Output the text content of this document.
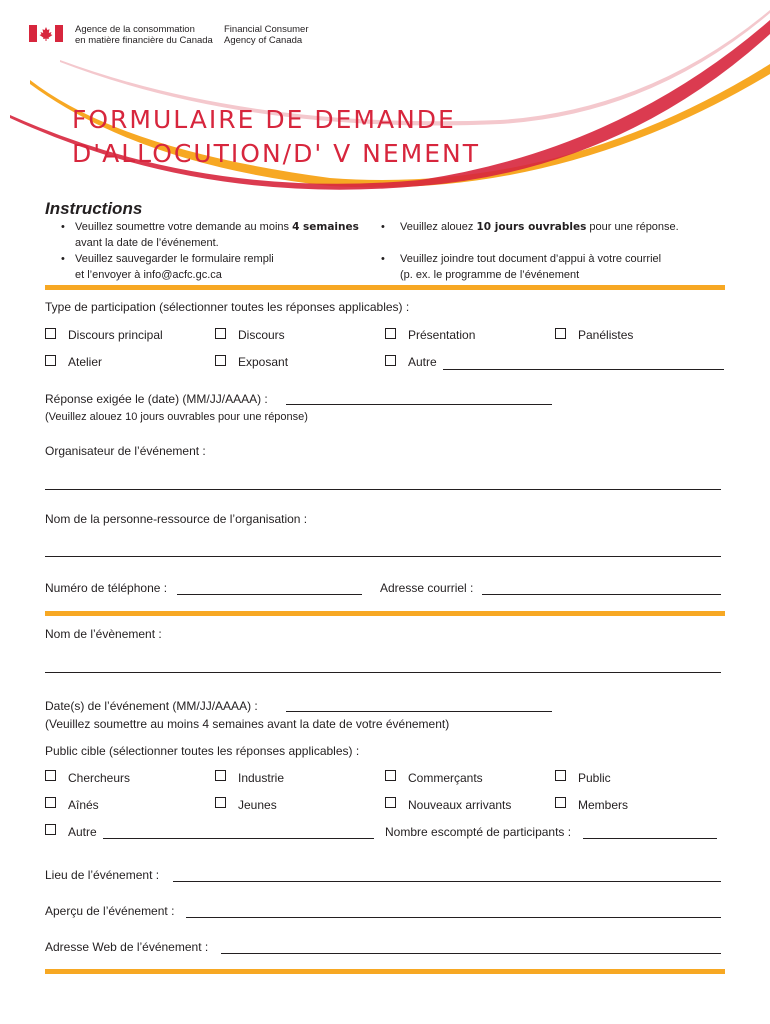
Agence de la consommation
en matière financière du Canada
Financial Consumer
Agency of Canada
FORMULAIRE DE DEMANDE
D'ALLOCUTION/D' V NEMENT
Instructions
• Veuillez soumettre votre demande au moins 4 semaines
avant la date de l’événement.
• Veuillez sauvegarder le formulaire rempli
et l’envoyer à info@acfc.gc.ca
• Veuillez alouez 10 jours ouvrables pour une réponse.
• Veuillez joindre tout document d’appui à votre courriel
(p. ex. le programme de l’événement
Type de participation (sélectionner toutes les réponses applicables) :
Discours principal	Discours	Présentation	Panélistes
Atelier	Exposant	Autre
Réponse exigée le (date) (MM/JJ/AAAA) :
(Veuillez alouez 10 jours ouvrables pour une réponse)
Organisateur de l’événement :
Nom de la personne-ressource de l’organisation :
Numéro de téléphone :	Adresse courriel :
Nom de l’évènement :
Date(s) de l’événement (MM/JJ/AAAA) :
(Veuillez soumettre au moins 4 semaines avant la date de votre événement)
Public cible (sélectionner toutes les réponses applicables) :
Chercheurs	Industrie	Commerçants	Public
Aînés	Jeunes	Nouveaux arrivants	Members
Autre	Nombre escompté de participants :
Lieu de l’événement :
Aperçu de l’événement :
Adresse Web de l’événement :
